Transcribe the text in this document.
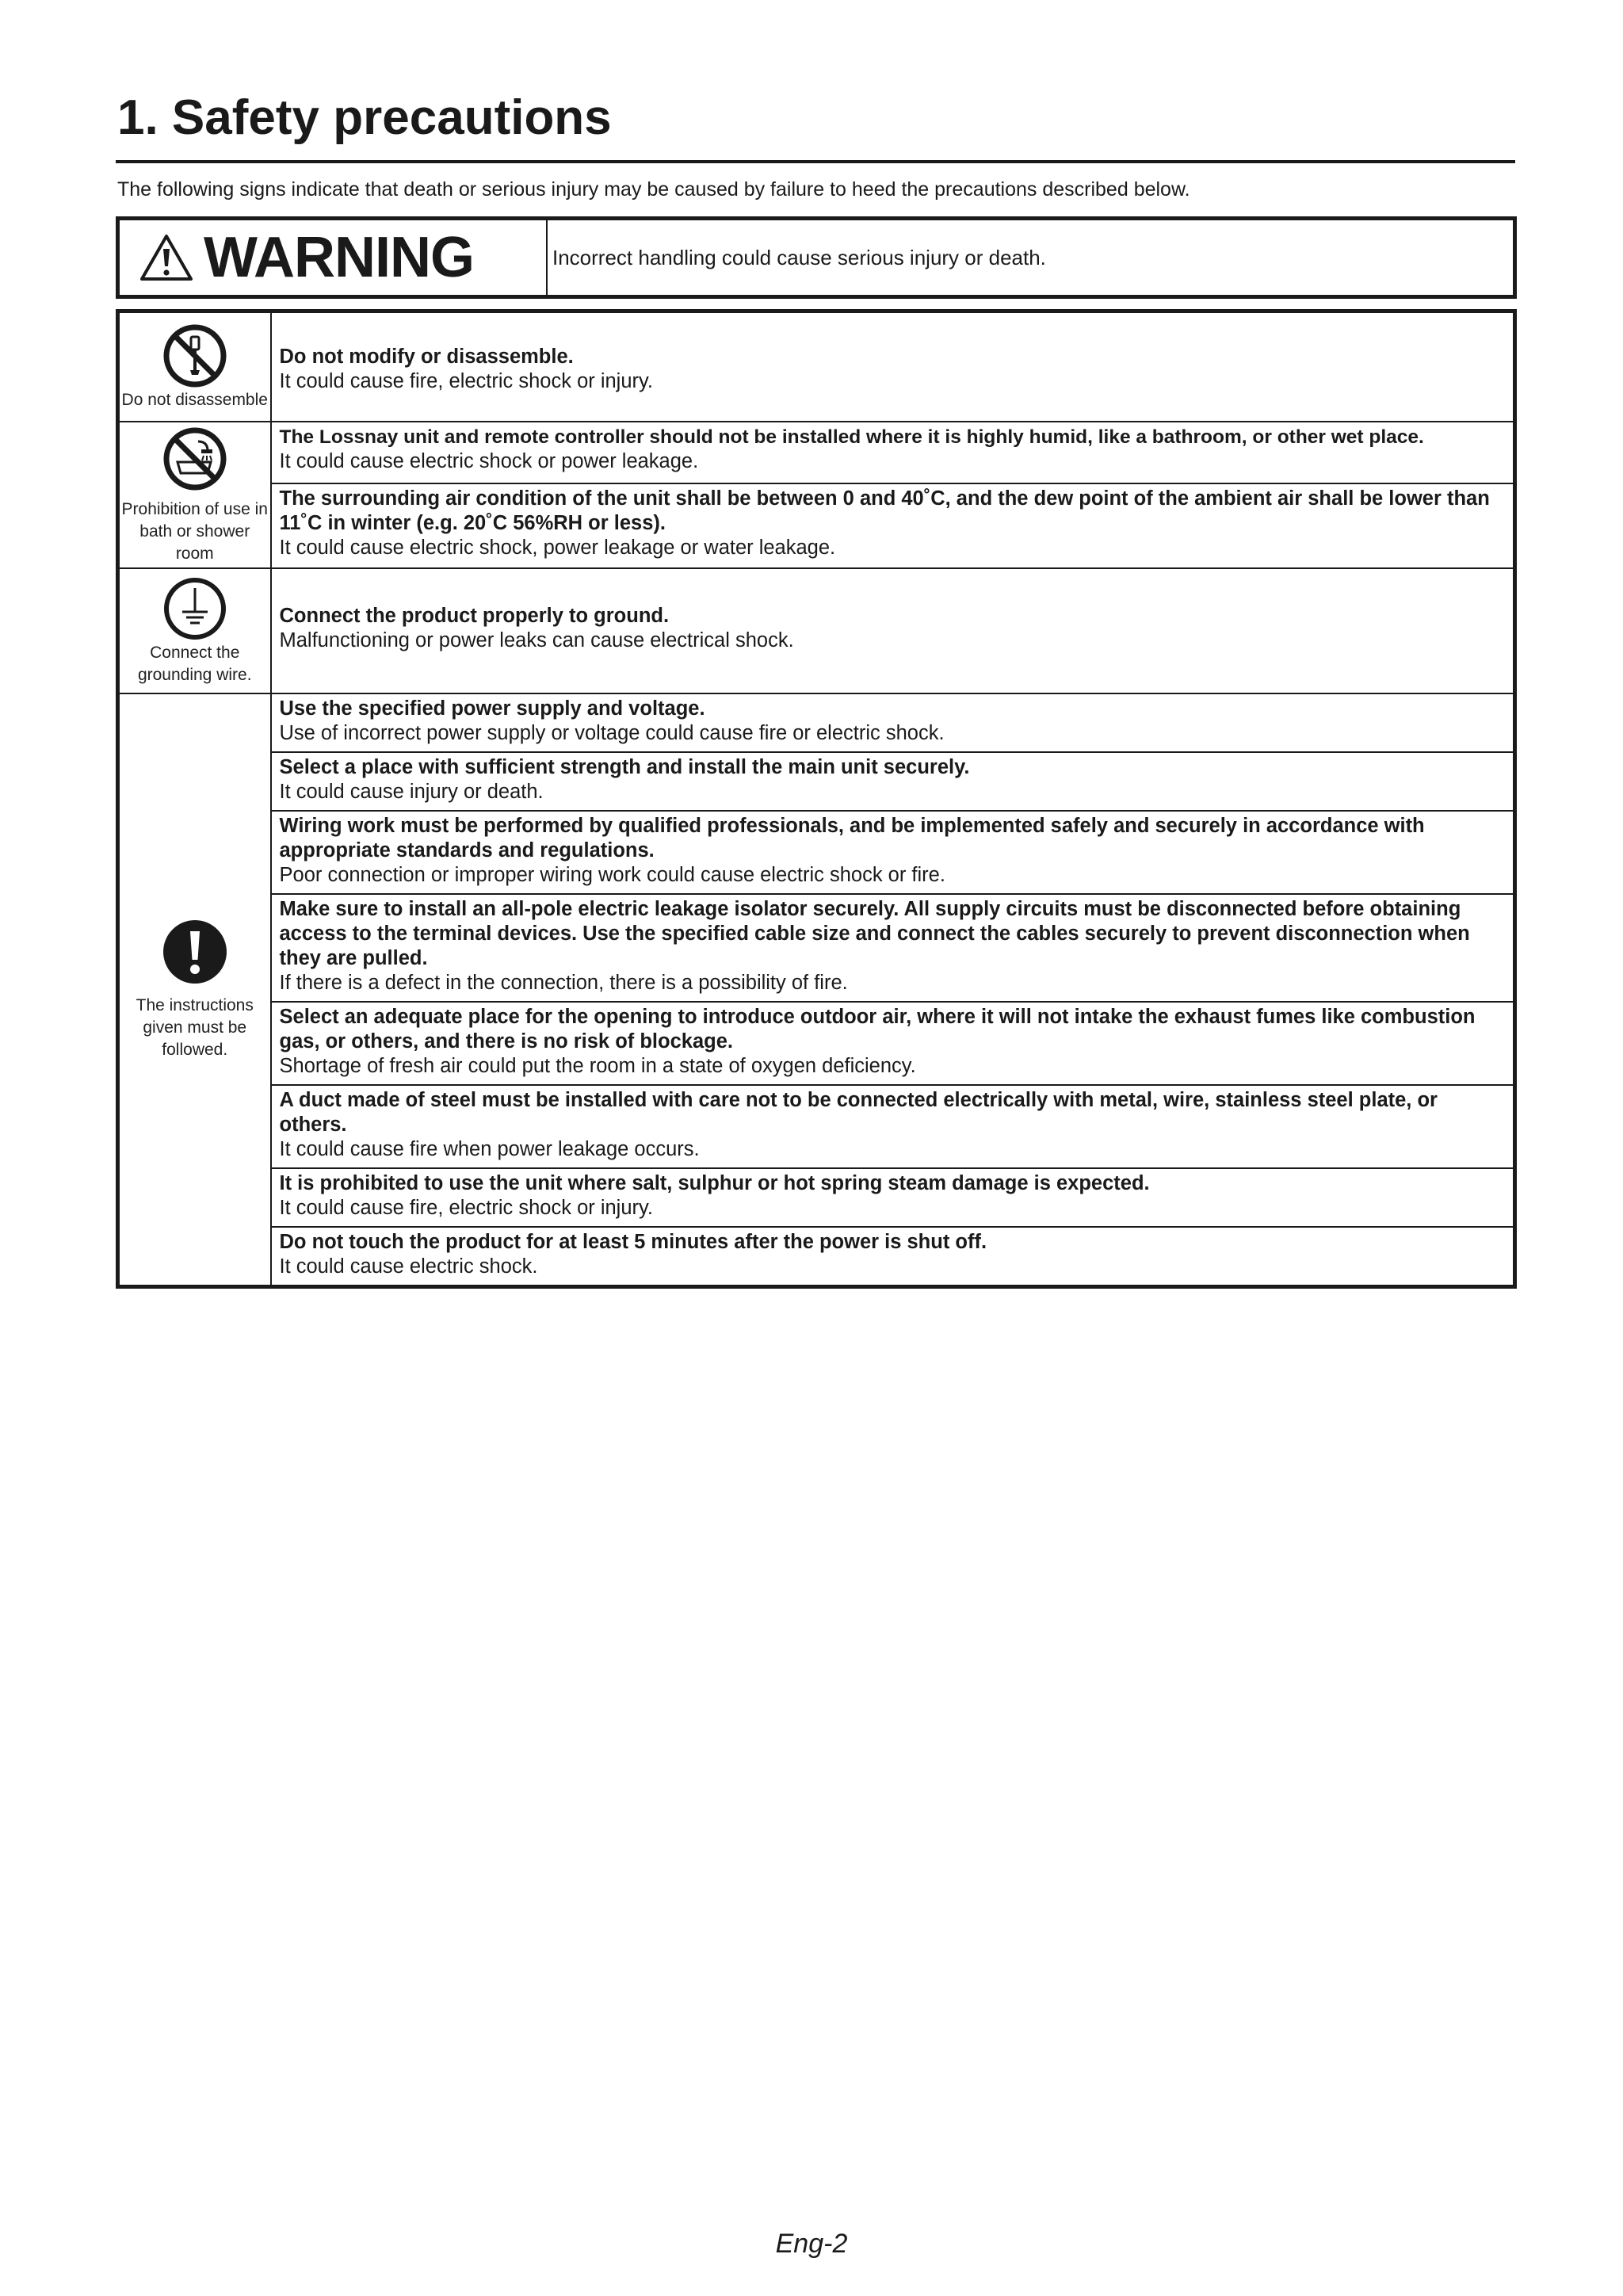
1. Safety precautions
The following signs indicate that death or serious injury may be caused by failure to heed the precautions described below.
WARNING	Incorrect handling could cause serious injury or death.
Do not disassemble	Do not modify or disassemble.
It could cause fire, electric shock or injury.

Prohibition of use in bath or shower room	The Lossnay unit and remote controller should not be installed where it is highly humid, like a bathroom, or other wet place.
It could cause electric shock or power leakage.

	The surrounding air condition of the unit shall be between 0 and 40˚C, and the dew point of the ambient air shall be lower than 11˚C in winter (e.g. 20˚C 56%RH or less).
It could cause electric shock, power leakage or water leakage.

Connect the grounding wire.	Connect the product properly to ground.
Malfunctioning or power leaks can cause electrical shock.

The instructions given must be followed.	Use the specified power supply and voltage.
Use of incorrect power supply or voltage could cause fire or electric shock.

	Select a place with sufficient strength and install the main unit securely.
It could cause injury or death.

	Wiring work must be performed by qualified professionals, and be implemented safely and securely in accordance with appropriate standards and regulations.
Poor connection or improper wiring work could cause electric shock or fire.

	Make sure to install an all-pole electric leakage isolator securely. All supply circuits must be disconnected before obtaining access to the terminal devices. Use the specified cable size and connect the cables securely to prevent disconnection when they are pulled.
If there is a defect in the connection, there is a possibility of fire.

	Select an adequate place for the opening to introduce outdoor air, where it will not intake the exhaust fumes like combustion gas, or others, and there is no risk of blockage.
Shortage of fresh air could put the room in a state of oxygen deficiency.

	A duct made of steel must be installed with care not to be connected electrically with metal, wire, stainless steel plate, or others.
It could cause fire when power leakage occurs.

	It is prohibited to use the unit where salt, sulphur or hot spring steam damage is expected.
It could cause fire, electric shock or injury.

	Do not touch the product for at least 5 minutes after the power is shut off.
It could cause electric shock.
Eng-2
